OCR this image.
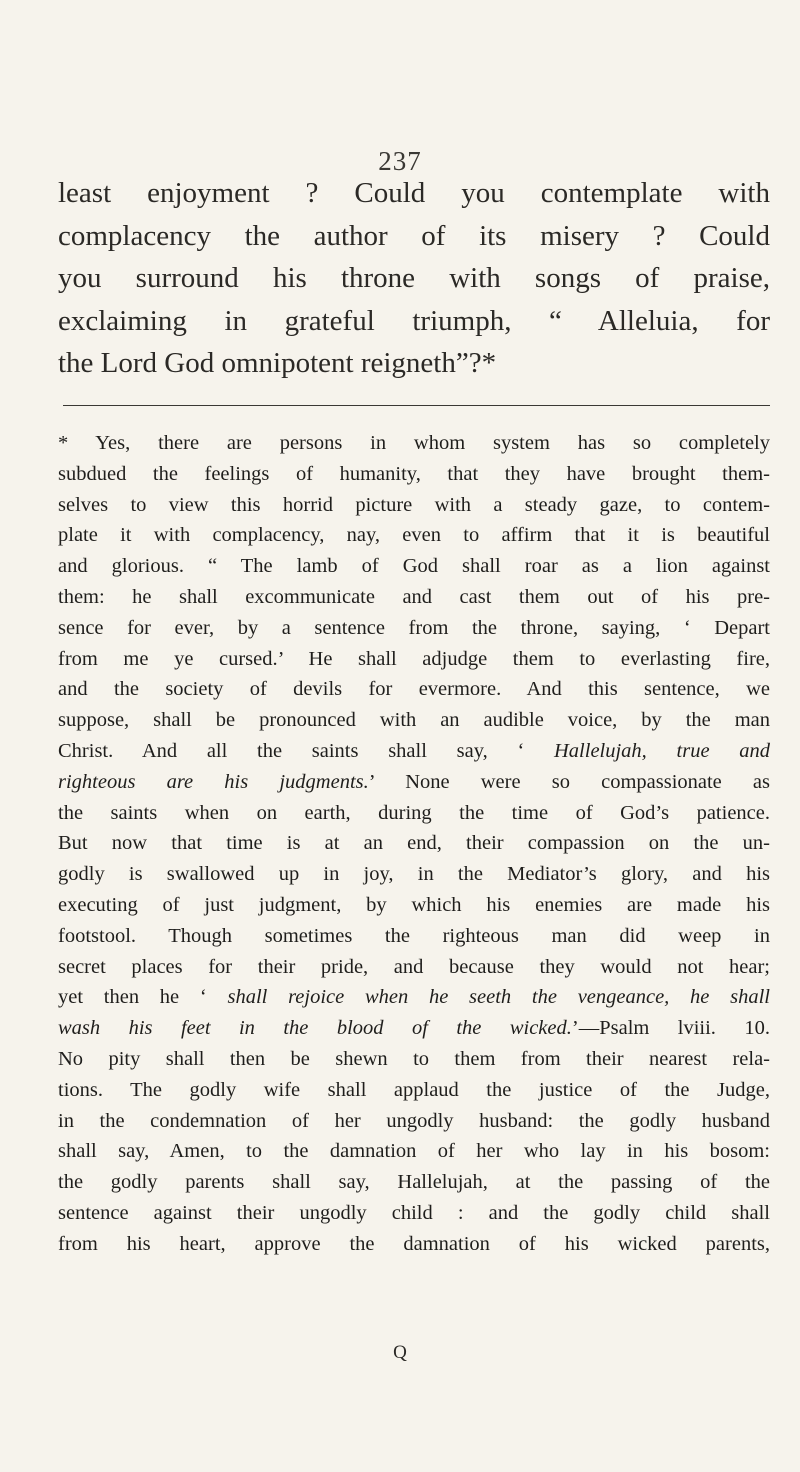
237
least enjoyment ? Could you contemplate with
complacency the author of its misery ? Could
you surround his throne with songs of praise,
exclaiming in grateful triumph, “ Alleluia, for
the Lord God omnipotent reigneth”?*
* Yes, there are persons in whom system has so completely
subdued the feelings of humanity, that they have brought them-
selves to view this horrid picture with a steady gaze, to contem-
plate it with complacency, nay, even to affirm that it is beautiful
and glorious. “ The lamb of God shall roar as a lion against
them: he shall excommunicate and cast them out of his pre-
sence for ever, by a sentence from the throne, saying, ‘ Depart
from me ye cursed.’ He shall adjudge them to everlasting fire,
and the society of devils for evermore. And this sentence, we
suppose, shall be pronounced with an audible voice, by the man
Christ. And all the saints shall say, ‘ Hallelujah, true and
righteous are his judgments.’ None were so compassionate as
the saints when on earth, during the time of God’s patience.
But now that time is at an end, their compassion on the un-
godly is swallowed up in joy, in the Mediator’s glory, and his
executing of just judgment, by which his enemies are made his
footstool. Though sometimes the righteous man did weep in
secret places for their pride, and because they would not hear;
yet then he ‘ shall rejoice when he seeth the vengeance, he shall
wash his feet in the blood of the wicked.’—Psalm lviii. 10.
No pity shall then be shewn to them from their nearest rela-
tions. The godly wife shall applaud the justice of the Judge,
in the condemnation of her ungodly husband: the godly husband
shall say, Amen, to the damnation of her who lay in his bosom:
the godly parents shall say, Hallelujah, at the passing of the
sentence against their ungodly child : and the godly child shall
from his heart, approve the damnation of his wicked parents,
Q
